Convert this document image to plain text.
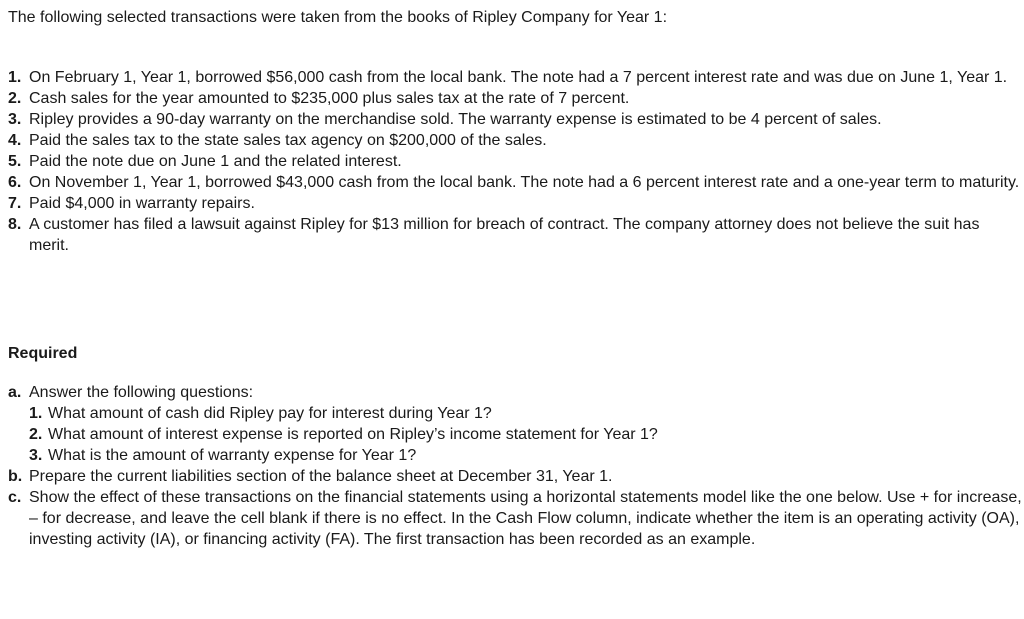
The following selected transactions were taken from the books of Ripley Company for Year 1:
1. On February 1, Year 1, borrowed $56,000 cash from the local bank. The note had a 7 percent interest rate and was due on June 1, Year 1.
2. Cash sales for the year amounted to $235,000 plus sales tax at the rate of 7 percent.
3. Ripley provides a 90-day warranty on the merchandise sold. The warranty expense is estimated to be 4 percent of sales.
4. Paid the sales tax to the state sales tax agency on $200,000 of the sales.
5. Paid the note due on June 1 and the related interest.
6. On November 1, Year 1, borrowed $43,000 cash from the local bank. The note had a 6 percent interest rate and a one-year term to maturity.
7. Paid $4,000 in warranty repairs.
8. A customer has filed a lawsuit against Ripley for $13 million for breach of contract. The company attorney does not believe the suit has merit.
Required
a. Answer the following questions:
1. What amount of cash did Ripley pay for interest during Year 1?
2. What amount of interest expense is reported on Ripley’s income statement for Year 1?
3. What is the amount of warranty expense for Year 1?
b. Prepare the current liabilities section of the balance sheet at December 31, Year 1.
c. Show the effect of these transactions on the financial statements using a horizontal statements model like the one below. Use + for increase, – for decrease, and leave the cell blank if there is no effect. In the Cash Flow column, indicate whether the item is an operating activity (OA), investing activity (IA), or financing activity (FA). The first transaction has been recorded as an example.
